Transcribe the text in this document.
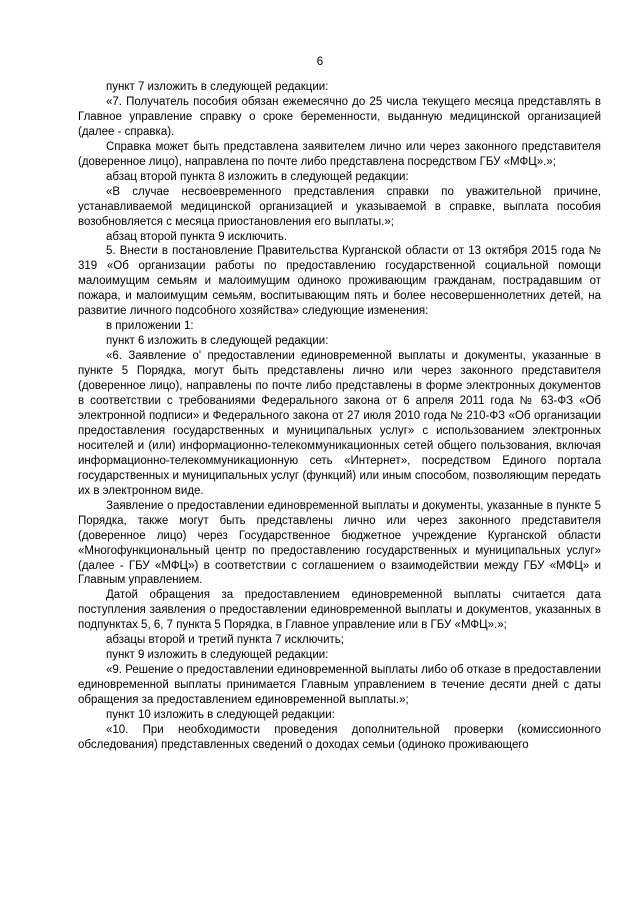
6

пункт 7 изложить в следующей редакции:

«7. Получатель пособия обязан ежемесячно до 25 числа текущего месяца представлять в Главное управление справку о сроке беременности, выданную медицинской организацией (далее - справка).

Справка может быть представлена заявителем лично или через законного представителя (доверенное лицо), направлена по почте либо представлена посредством ГБУ «МФЦ».»;

абзац второй пункта 8 изложить в следующей редакции:

«В случае несвоевременного представления справки по уважительной причине, устанавливаемой медицинской организацией и указываемой в справке, выплата пособия возобновляется с месяца приостановления его выплаты.»;

абзац второй пункта 9 исключить.

5. Внести в постановление Правительства Курганской области от 13 октября 2015 года № 319 «Об организации работы по предоставлению государственной социальной помощи малоимущим семьям и малоимущим одиноко проживающим гражданам, пострадавшим от пожара, и малоимущим семьям, воспитывающим пять и более несовершеннолетних детей, на развитие личного подсобного хозяйства» следующие изменения:

в приложении 1:

пункт 6 изложить в следующей редакции:

«6. Заявление о' предоставлении единовременной выплаты и документы, указанные в пункте 5 Порядка, могут быть представлены лично или через законного представителя (доверенное лицо), направлены по почте либо представлены в форме электронных документов в соответствии с требованиями Федерального закона от 6 апреля 2011 года № 63-ФЗ «Об электронной подписи» и Федерального закона от 27 июля 2010 года № 210-ФЗ «Об организации предоставления государственных и муниципальных услуг» с использованием электронных носителей и (или) информационно-телекоммуникационных сетей общего пользования, включая информационно-телекоммуникационную сеть «Интернет», посредством Единого портала государственных и муниципальных услуг (функций) или иным способом, позволяющим передать их в электронном виде.

Заявление о предоставлении единовременной выплаты и документы, указанные в пункте 5 Порядка, также могут быть представлены лично или через законного представителя (доверенное лицо) через Государственное бюджетное учреждение Курганской области «Многофункциональный центр по предоставлению государственных и муниципальных услуг» (далее - ГБУ «МФЦ») в соответствии с соглашением о взаимодействии между ГБУ «МФЦ» и Главным управлением.

Датой обращения за предоставлением единовременной выплаты считается дата поступления заявления о предоставлении единовременной выплаты и документов, указанных в подпунктах 5, 6, 7 пункта 5 Порядка, в Главное управление или в ГБУ «МФЦ».»;

абзацы второй и третий пункта 7 исключить;

пункт 9 изложить в следующей редакции:

«9. Решение о предоставлении единовременной выплаты либо об отказе в предоставлении единовременной выплаты принимается Главным управлением в течение десяти дней с даты обращения за предоставлением единовременной выплаты.»;

пункт 10 изложить в следующей редакции:

«10. При необходимости проведения дополнительной проверки (комиссионного обследования) представленных сведений о доходах семьи (одиноко проживающего
